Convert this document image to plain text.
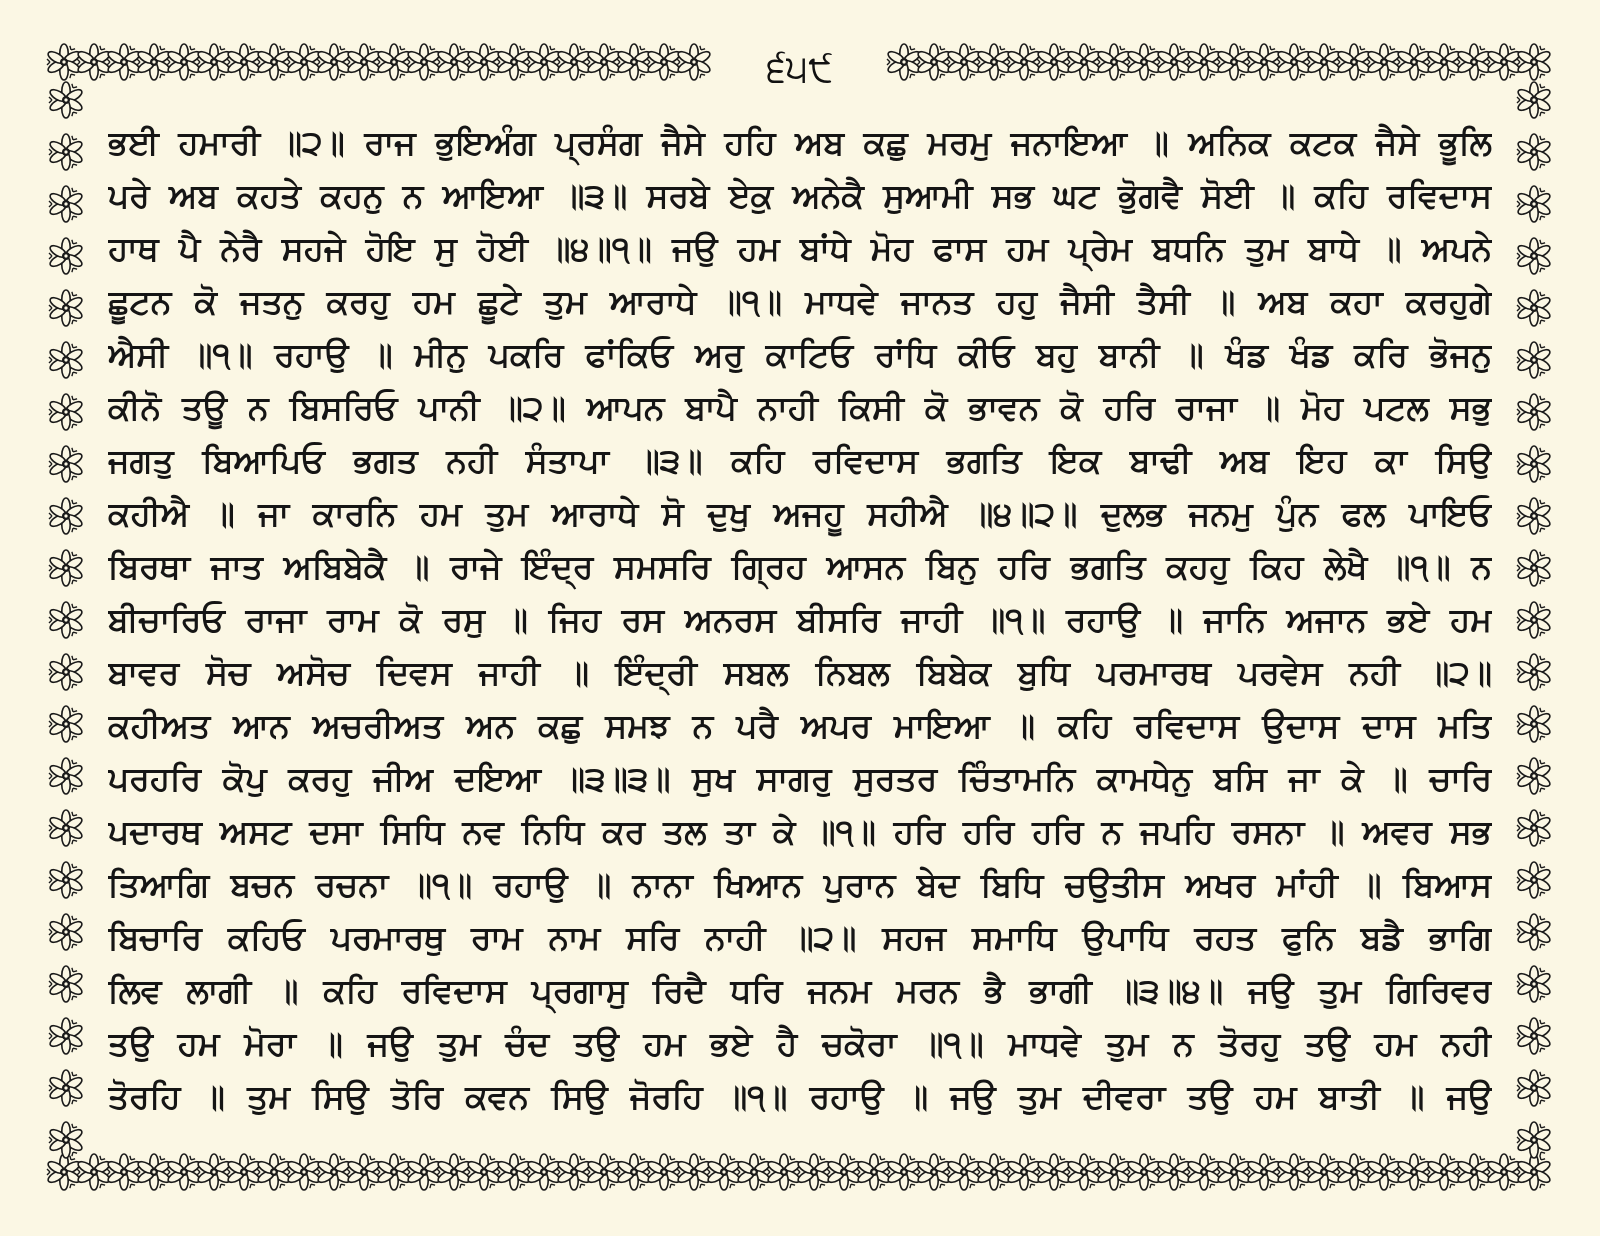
੬੫੯
ਭਈ ਹਮਾਰੀ ॥੨॥ ਰਾਜ ਭੁਇਅੰਗ ਪ੍ਰਸੰਗ ਜੈਸੇ ਹਹਿ ਅਬ ਕਛੁ ਮਰਮੁ ਜਨਾਇਆ ॥ ਅਨਿਕ ਕਟਕ ਜੈਸੇ ਭੂਲਿ
ਪਰੇ ਅਬ ਕਹਤੇ ਕਹਨੁ ਨ ਆਇਆ ॥੩॥ ਸਰਬੇ ਏਕੁ ਅਨੇਕੈ ਸੁਆਮੀ ਸਭ ਘਟ ਭੋੁਗਵੈ ਸੋਈ ॥ ਕਹਿ ਰਵਿਦਾਸ
ਹਾਥ ਪੈ ਨੇਰੈ ਸਹਜੇ ਹੋਇ ਸੁ ਹੋਈ ॥੪॥੧॥ ਜਉ ਹਮ ਬਾਂਧੇ ਮੋਹ ਫਾਸ ਹਮ ਪ੍ਰੇਮ ਬਧਨਿ ਤੁਮ ਬਾਧੇ ॥ ਅਪਨੇ
ਛੂਟਨ ਕੋ ਜਤਨੁ ਕਰਹੁ ਹਮ ਛੂਟੇ ਤੁਮ ਆਰਾਧੇ ॥੧॥ ਮਾਧਵੇ ਜਾਨਤ ਹਹੁ ਜੈਸੀ ਤੈਸੀ ॥ ਅਬ ਕਹਾ ਕਰਹੁਗੇ
ਐਸੀ ॥੧॥ ਰਹਾਉ ॥ ਮੀਨੁ ਪਕਰਿ ਫਾਂਕਿਓ ਅਰੁ ਕਾਟਿਓ ਰਾਂਧਿ ਕੀਓ ਬਹੁ ਬਾਨੀ ॥ ਖੰਡ ਖੰਡ ਕਰਿ ਭੋਜਨੁ
ਕੀਨੋ ਤਊ ਨ ਬਿਸਰਿਓ ਪਾਨੀ ॥੨॥ ਆਪਨ ਬਾਪੈ ਨਾਹੀ ਕਿਸੀ ਕੋ ਭਾਵਨ ਕੋ ਹਰਿ ਰਾਜਾ ॥ ਮੋਹ ਪਟਲ ਸਭੁ
ਜਗਤੁ ਬਿਆਪਿਓ ਭਗਤ ਨਹੀ ਸੰਤਾਪਾ ॥੩॥ ਕਹਿ ਰਵਿਦਾਸ ਭਗਤਿ ਇਕ ਬਾਢੀ ਅਬ ਇਹ ਕਾ ਸਿਉ
ਕਹੀਐ ॥ ਜਾ ਕਾਰਨਿ ਹਮ ਤੁਮ ਆਰਾਧੇ ਸੋ ਦੁਖੁ ਅਜਹੂ ਸਹੀਐ ॥੪॥੨॥ ਦੁਲਭ ਜਨਮੁ ਪੁੰਨ ਫਲ ਪਾਇਓ
ਬਿਰਥਾ ਜਾਤ ਅਬਿਬੇਕੈ ॥ ਰਾਜੇ ਇੰਦ੍ਰ ਸਮਸਰਿ ਗ੍ਰਿਹ ਆਸਨ ਬਿਨੁ ਹਰਿ ਭਗਤਿ ਕਹਹੁ ਕਿਹ ਲੇਖੈ ॥੧॥ ਨ
ਬੀਚਾਰਿਓ ਰਾਜਾ ਰਾਮ ਕੋ ਰਸੁ ॥ ਜਿਹ ਰਸ ਅਨਰਸ ਬੀਸਰਿ ਜਾਹੀ ॥੧॥ ਰਹਾਉ ॥ ਜਾਨਿ ਅਜਾਨ ਭਏ ਹਮ
ਬਾਵਰ ਸੋਚ ਅਸੋਚ ਦਿਵਸ ਜਾਹੀ ॥ ਇੰਦ੍ਰੀ ਸਬਲ ਨਿਬਲ ਬਿਬੇਕ ਬੁਧਿ ਪਰਮਾਰਥ ਪਰਵੇਸ ਨਹੀ ॥੨॥
ਕਹੀਅਤ ਆਨ ਅਚਰੀਅਤ ਅਨ ਕਛੁ ਸਮਝ ਨ ਪਰੈ ਅਪਰ ਮਾਇਆ ॥ ਕਹਿ ਰਵਿਦਾਸ ਉਦਾਸ ਦਾਸ ਮਤਿ
ਪਰਹਰਿ ਕੋਪੁ ਕਰਹੁ ਜੀਅ ਦਇਆ ॥੩॥੩॥ ਸੁਖ ਸਾਗਰੁ ਸੁਰਤਰ ਚਿੰਤਾਮਨਿ ਕਾਮਧੇਨੁ ਬਸਿ ਜਾ ਕੇ ॥ ਚਾਰਿ
ਪਦਾਰਥ ਅਸਟ ਦਸਾ ਸਿਧਿ ਨਵ ਨਿਧਿ ਕਰ ਤਲ ਤਾ ਕੇ ॥੧॥ ਹਰਿ ਹਰਿ ਹਰਿ ਨ ਜਪਹਿ ਰਸਨਾ ॥ ਅਵਰ ਸਭ
ਤਿਆਗਿ ਬਚਨ ਰਚਨਾ ॥੧॥ ਰਹਾਉ ॥ ਨਾਨਾ ਖਿਆਨ ਪੁਰਾਨ ਬੇਦ ਬਿਧਿ ਚਉਤੀਸ ਅਖਰ ਮਾਂਹੀ ॥ ਬਿਆਸ
ਬਿਚਾਰਿ ਕਹਿਓ ਪਰਮਾਰਥੁ ਰਾਮ ਨਾਮ ਸਰਿ ਨਾਹੀ ॥੨॥ ਸਹਜ ਸਮਾਧਿ ਉਪਾਧਿ ਰਹਤ ਫੁਨਿ ਬਡੈ ਭਾਗਿ
ਲਿਵ ਲਾਗੀ ॥ ਕਹਿ ਰਵਿਦਾਸ ਪ੍ਰਗਾਸੁ ਰਿਦੈ ਧਰਿ ਜਨਮ ਮਰਨ ਭੈ ਭਾਗੀ ॥੩॥੪॥ ਜਉ ਤੁਮ ਗਿਰਿਵਰ
ਤਉ ਹਮ ਮੋਰਾ ॥ ਜਉ ਤੁਮ ਚੰਦ ਤਉ ਹਮ ਭਏ ਹੈ ਚਕੋਰਾ ॥੧॥ ਮਾਧਵੇ ਤੁਮ ਨ ਤੋਰਹੁ ਤਉ ਹਮ ਨਹੀ
ਤੋਰਹਿ ॥ ਤੁਮ ਸਿਉ ਤੋਰਿ ਕਵਨ ਸਿਉ ਜੋਰਹਿ ॥੧॥ ਰਹਾਉ ॥ ਜਉ ਤੁਮ ਦੀਵਰਾ ਤਉ ਹਮ ਬਾਤੀ ॥ ਜਉ
